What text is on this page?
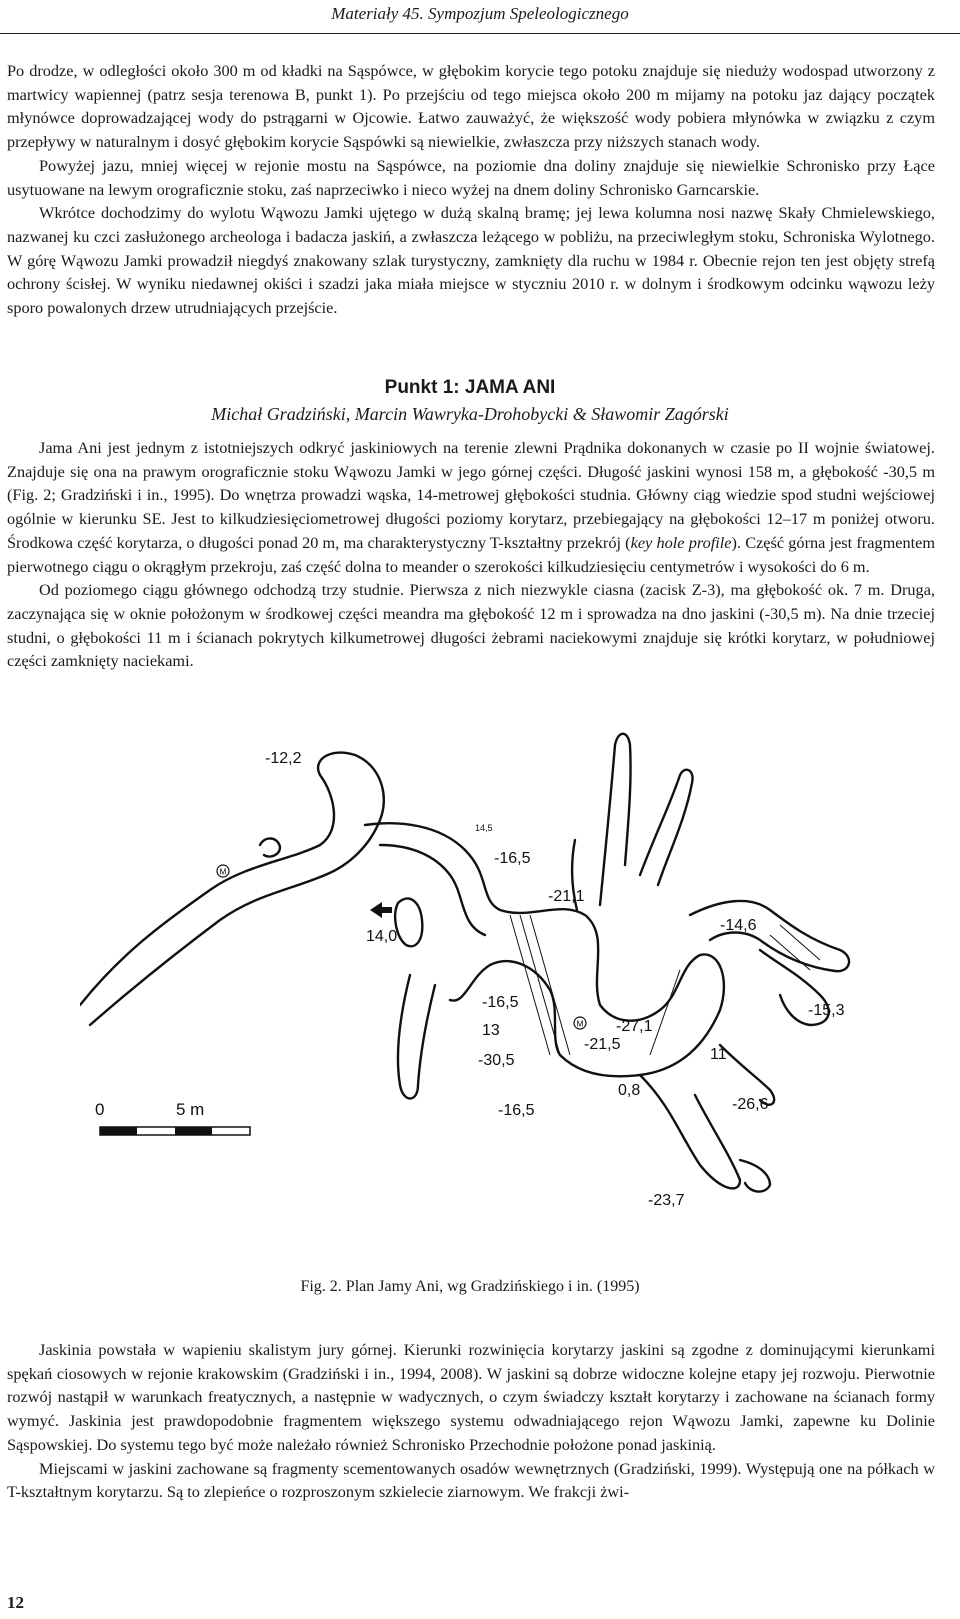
Materiały 45. Sympozjum Speleologicznego

Po drodze, w odległości około 300 m od kładki na Sąspówce, w głębokim korycie tego potoku znajduje się niedużу wodospad utworzony z martwicy wapiennej (patrz sesja terenowa B, punkt 1). Po przejściu od tego miejsca około 200 m mijamy na potoku jaz dający początek młynówce doprowadzającej wody do pstrągarni w Ojcowie. Łatwo zauważyć, że większość wody pobiera młynówka w związku z czym przepływy w naturalnym i dosyć głębokim korycie Sąspówki są niewielkie, zwłaszcza przy niższych stanach wody.

Powyżej jazu, mniej więcej w rejonie mostu na Sąspówce, na poziomie dna doliny znajduje się niewielkie Schronisko przy Łące usytuowane na lewym orograficznie stoku, zaś naprzeciwko i nieco wyżej na dnem doliny Schronisko Garncarskie.

Wkrótce dochodzimy do wylotu Wąwozu Jamki ujętego w dużą skalną bramę; jej lewa kolumna nosi nazwę Skały Chmielewskiego, nazwanej ku czci zasłużonego archeologa i badacza jaskiń, a zwłaszcza leżącego w pobliżu, na przeciwległym stoku, Schroniska Wylotnego. W górę Wąwozu Jamki prowadził niegdyś znakowany szlak turystyczny, zamknięty dla ruchu w 1984 r. Obecnie rejon ten jest objęty strefą ochrony ścisłej. W wyniku niedawnej okiści i szadzi jaka miała miejsce w styczniu 2010 r. w dolnym i środkowym odcinku wąwozu leży sporo powalonych drzew utrudniających przejście.

Punkt 1: JAMA ANI
Michał Gradziński, Marcin Wawryka-Drohobycki & Sławomir Zagórski

Jama Ani jest jednym z istotniejszych odkryć jaskiniowych na terenie zlewni Prądnika dokonanych w czasie po II wojnie światowej. Znajduje się ona na prawym orograficznie stoku Wąwozu Jamki w jego górnej części. Długość jaskini wynosi 158 m, a głębokość -30,5 m (Fig. 2; Gradziński i in., 1995). Do wnętrza prowadzi wąska, 14-metrowej głębokości studnia. Główny ciąg wiedzie spod studni wejściowej ogólnie w kierunku SE. Jest to kilkudziesięciometrowej długości poziomy korytarz, przebiegający na głębokości 12–17 m poniżej otworu. Środkowa część korytarza, o długości ponad 20 m, ma charakterystyczny T-kształtny przekrój (key hole profile). Część górna jest fragmentem pierwotnego ciągu o okrągłym przekroju, zaś część dolna to meander o szerokości kilkudziesięciu centymetrów i wysokości do 6 m.

Od poziomego ciągu głównego odchodzą trzy studnie. Pierwsza z nich niezwykle ciasna (zacisk Z-3), ma głębokość ok. 7 m. Druga, zaczynająca się w oknie położonym w środkowej części meandra ma głębokość 12 m i sprowadza na dno jaskini (-30,5 m). Na dnie trzeciej studni, o głębokości 11 m i ścianach pokrytych kilkumetrowej długości żebrami naciekowymi znajduje się krótki korytarz, w południowej części zamknięty naciekami.

M
M
-12,2
-16,5
-21,1
14,0
-14,6
-15,3
-16,5
13	-27,1
-21,5
-30,5	11
0,8
-26,6
-16,5
-23,7
14,5
0	5 m
Fig. 2. Plan Jamy Ani, wg Gradzińskiego i in. (1995)

Jaskinia powstała w wapieniu skalistym jury górnej. Kierunki rozwinięcia korytarzy jaskini są zgodne z dominującymi kierunkami spękań ciosowych w rejonie krakowskim (Gradziński i in., 1994, 2008). W jaskini są dobrze widoczne kolejne etapy jej rozwoju. Pierwotnie rozwój nastąpił w warunkach freatycznych, a następnie w wadycznych, o czym świadczy kształt korytarzy i zachowane na ścianach formy wymyć. Jaskinia jest prawdopodobnie fragmentem większego systemu odwadniającego rejon Wąwozu Jamki, zapewne ku Dolinie Sąspowskiej. Do systemu tego być może należało również Schronisko Przechodnie położone ponad jaskinią.

Miejscami w jaskini zachowane są fragmenty scementowanych osadów wewnętrznych (Gradziński, 1999). Występują one na półkach w T-kształtnym korytarzu. Są to zlepieńce o rozproszonym szkielecie ziarnowym. We frakcji żwi-

12
